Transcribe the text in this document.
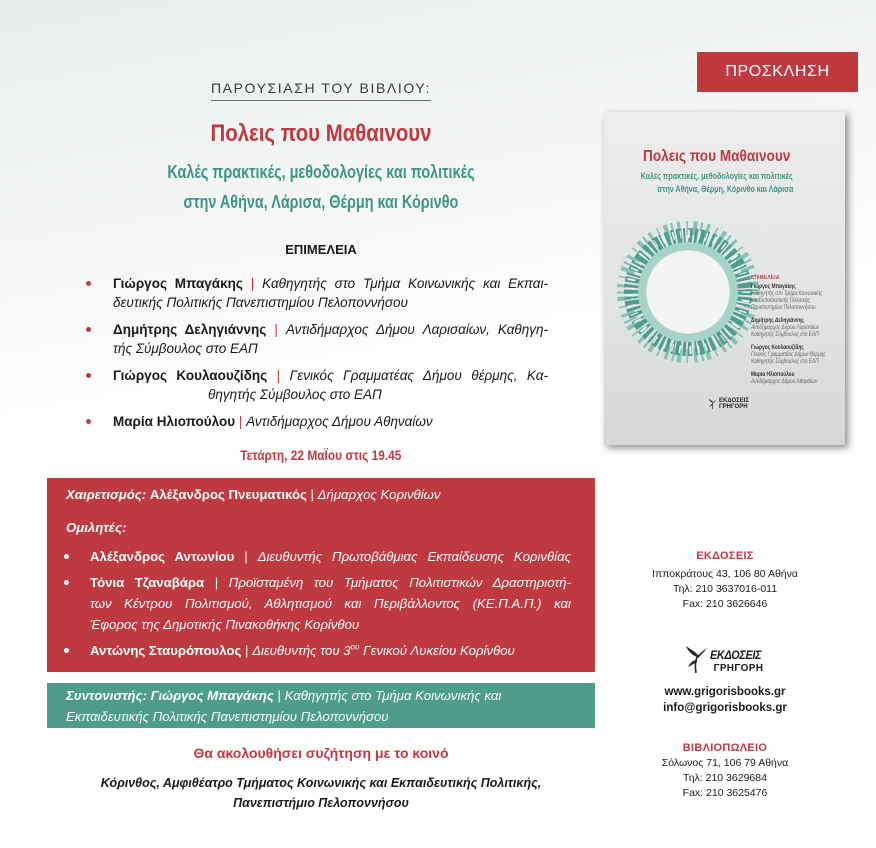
ΠΡΟΣΚΛΗΣΗ
ΠΑΡΟΥΣΙΑΣΗ ΤΟΥ ΒΙΒΛΙΟΥ:
Πολεις που Μαθαινουν
Καλές πρακτικές, μεθοδολογίες και πολιτικές
στην Αθήνα, Λάρισα, Θέρμη και Κόρινθο
ΕΠΙΜΕΛΕΙΑ
Γιώργος Μπαγάκης | Καθηγητής στο Τμήμα Κοινωνικής και Εκπαι-
δευτικής Πολιτικής Πανεπιστημίου Πελοποννήσου
Δημήτρης Δεληγιάννης | Αντιδήμαρχος Δήμου Λαρισαίων, Καθηγη-
τής Σύμβουλος στο ΕΑΠ
Γιώργος Κουλαουζίδης | Γενικός Γραμματέας Δήμου θέρμης, Κα-
θηγητής Σύμβουλος στο ΕΑΠ
Μαρία Ηλιοπούλου | Αντιδήμαρχος Δήμου Αθηναίων
Τετάρτη, 22 ΜαΪου στις 19.45
Χαιρετισμός: Αλέξανδρος Πνευματικός | Δήμαρχος Κορινθίων
Ομιλητές:
Αλέξανδρος Αντωνίου | Διευθυντής Πρωτοβάθμιας Εκπαίδευσης Κορινθίας
Τόνια Τζαναβάρα | Προϊσταμένη του Τμήματος Πολιτιστικών Δραστηριοτή-
των Κέντρου Πολιτισμού, Αθλητισμού και Περιβάλλοντος (ΚΕ.Π.Α.Π.) και
Έφορος της Δημοτικής Πινακοθήκης Κορίνθου
Αντώνης Σταυρόπουλος | Διευθυντής του $3^{o\upsilon}$ Γενικού Λυκείου Κορίνθου
Συντονιστής: Γιώργος Μπαγάκης | Καθηγητής στο Τμήμα Κοινωνικής και
Εκπαιδευτικής Πολιτικής Πανεπιστημίου Πελοποννήσου
Θα ακολουθήσει συζήτηση με το κοινό
Κόρινθος, Αμφιθέατρο Τμήματος Κοινωνικής και Εκπαιδευτικής Πολιτικής,
Πανεπιστήμιο Πελοποννήσου
Πολεις που Μαθαινουν
Καλές πρακτικές, μεθοδολογίες και πολιτικές
στην Αθήνα, Θέρμη, Κόρινθο και Λάρισα
ΕΠΙΜΕΛΕΙΑ
Γιώργος Μπαγάκης
Καθηγητής στο Τμήμα Κοινωνικής
και Εκπαιδευτικής Πολιτικής
Πανεπιστημίου Πελοποννήσου
Δημήτρης Δεληγιάννης
Αντιδήμαρχος Δήμου Λαρισαίων
Καθηγητής Σύμβουλος στο ΕΑΠ
Γιώργος Κουλαουζίδης
Γενικός Γραμματέας Δήμου Θέρμης
Καθηγητής Σύμβουλος στο ΕΑΠ
Μαρία Ηλιοπούλου
Αντιδήμαρχος Δήμου Αθηναίων
ΕΚΔΟΣΕΙΣ
ΓΡΗΓΟΡΗ
ΕΚΔΟΣΕΙΣ
Ιπποκράτους 43, 106 80 Αθήνα
Τηλ: 210 3637016-011
Fax: 210 3626646
ΕΚΔΟΣΕΙΣ
ΓΡΗΓΟΡΗ
www.grigorisbooks.gr
info@grigorisbooks.gr
ΒΙΒΛΙΟΠΩΛΕΙΟ
Σόλωνος 71, 106 79 Αθήνα
Τηλ: 210 3629684
Fax: 210 3625476
